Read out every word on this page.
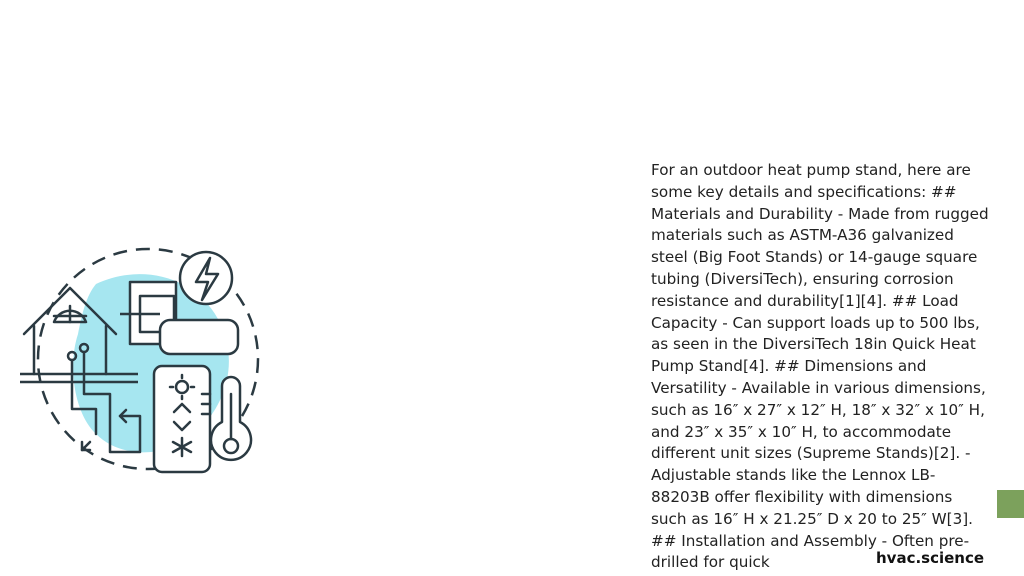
For an outdoor heat pump stand, here are some key details and specifications: ## Materials and Durability - Made from rugged materials such as ASTM-A36 galvanized steel (Big Foot Stands) or 14-gauge square tubing (DiversiTech), ensuring corrosion resistance and durability[1][4]. ## Load Capacity - Can support loads up to 500 lbs, as seen in the DiversiTech 18in Quick Heat Pump Stand[4]. ## Dimensions and Versatility - Available in various dimensions, such as 16″ x 27″ x 12″ H, 18″ x 32″ x 10″ H, and 23″ x 35″ x 10″ H, to accommodate different unit sizes (Supreme Stands)[2]. - Adjustable stands like the Lennox LB-88203B offer flexibility with dimensions such as 16″ H x 21.25″ D x 20 to 25″ W[3]. ## Installation and Assembly - Often pre-drilled for quick	hvac.science
